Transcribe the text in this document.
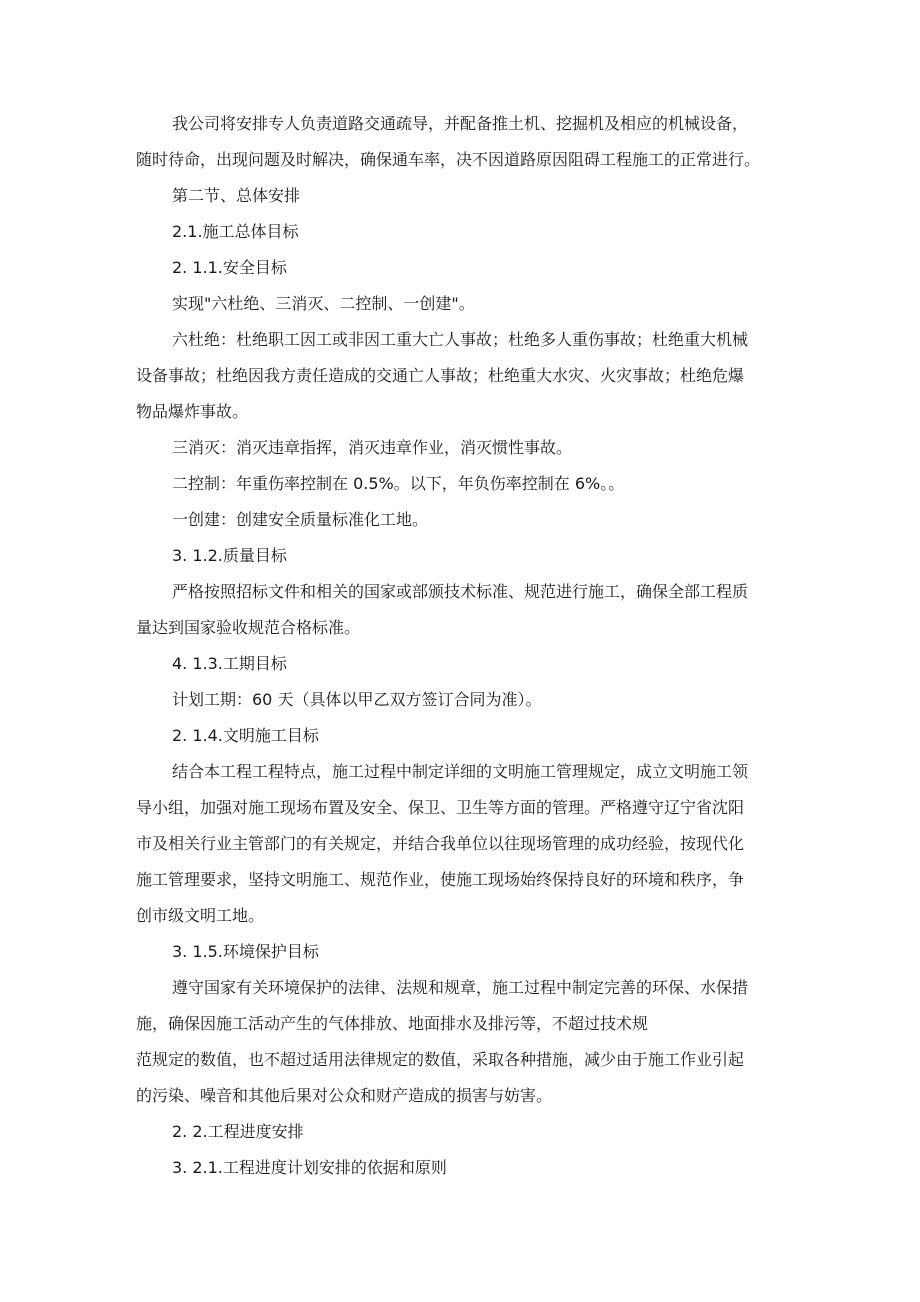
我公司将安排专人负责道路交通疏导，并配备推土机、挖掘机及相应的机械设备，

随时待命，出现问题及时解决，确保通车率，决不因道路原因阻碍工程施工的正常进行。

第二节、总体安排

2.1.施工总体目标

2. 1.1.安全目标

实现"六杜绝、三消灭、二控制、一创建"。

六杜绝：杜绝职工因工或非因工重大亡人事故；杜绝多人重伤事故；杜绝重大机械

设备事故；杜绝因我方责任造成的交通亡人事故；杜绝重大水灾、火灾事故；杜绝危爆

物品爆炸事故。

三消灭：消灭违章指挥，消灭违章作业，消灭惯性事故。

二控制：年重伤率控制在 0.5%。以下，年负伤率控制在 6%。。

一创建：创建安全质量标准化工地。

3. 1.2.质量目标

严格按照招标文件和相关的国家或部颁技术标准、规范进行施工，确保全部工程质

量达到国家验收规范合格标准。

4. 1.3.工期目标

计划工期：60 天（具体以甲乙双方签订合同为准）。

2. 1.4.文明施工目标

结合本工程工程特点，施工过程中制定详细的文明施工管理规定，成立文明施工领

导小组，加强对施工现场布置及安全、保卫、卫生等方面的管理。严格遵守辽宁省沈阳

市及相关行业主管部门的有关规定，并结合我单位以往现场管理的成功经验，按现代化

施工管理要求，坚持文明施工、规范作业，使施工现场始终保持良好的环境和秩序，争

创市级文明工地。

3. 1.5.环境保护目标

遵守国家有关环境保护的法律、法规和规章，施工过程中制定完善的环保、水保措

施，确保因施工活动产生的气体排放、地面排水及排污等，不超过技术规

范规定的数值，也不超过适用法律规定的数值，采取各种措施，减少由于施工作业引起

的污染、噪音和其他后果对公众和财产造成的损害与妨害。

2. 2.工程进度安排

3. 2.1.工程进度计划安排的依据和原则
